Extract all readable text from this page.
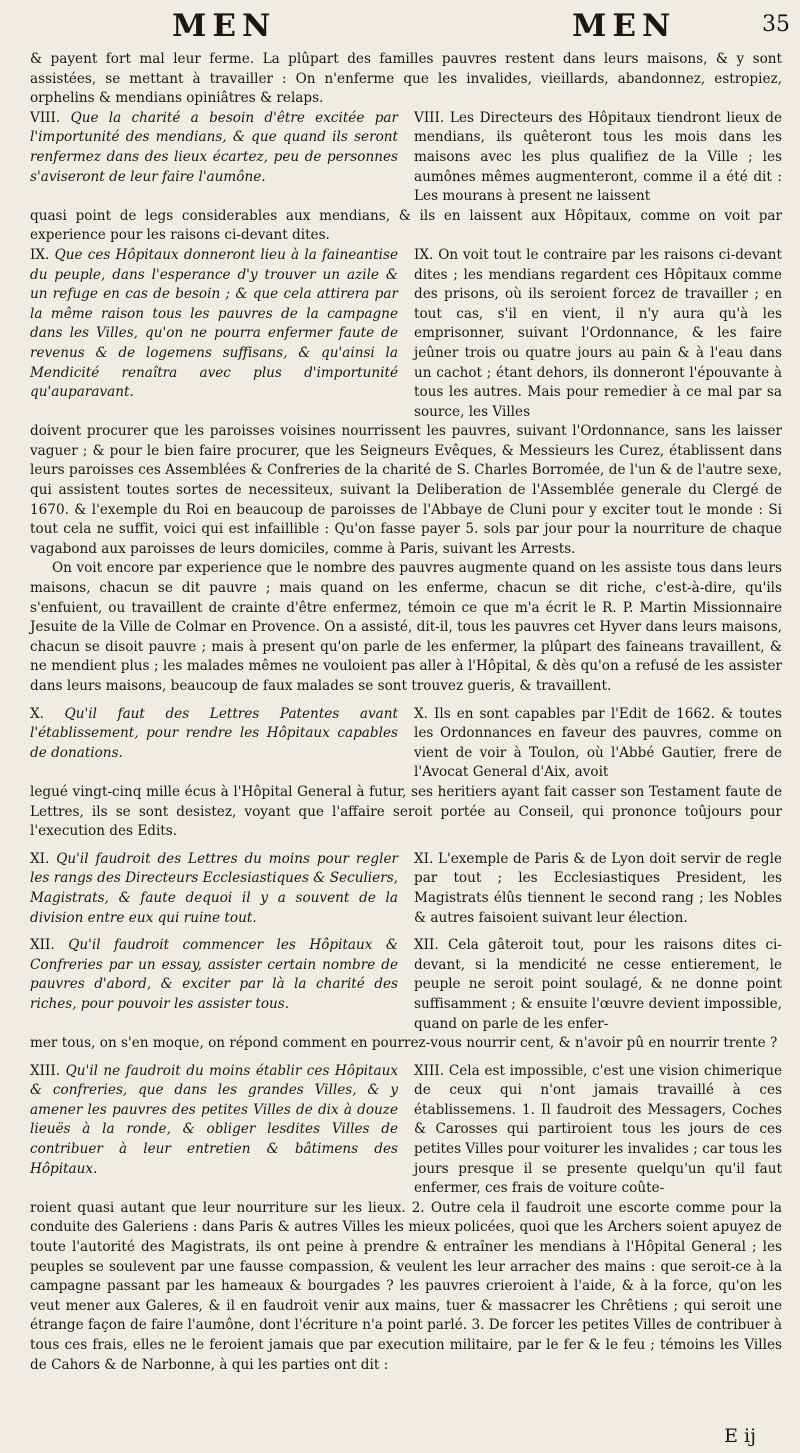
MEN	MEN	35

& payent fort mal leur ferme. La plûpart des familles pauvres restent dans leurs maisons, & y sont assistées, se mettant à travailler : On n'enferme que les invalides, vieillards, abandonnez, estropiez, orphelins & mendians opiniâtres & relaps.

VIII. Que la charité a besoin d'être excitée par l'importunité des mendians, & que quand ils seront renfermez dans des lieux écartez, peu de personnes s'aviseront de leur faire l'aumône.

VIII. Les Directeurs des Hôpitaux tiendront lieux de mendians, ils quêteront tous les mois dans les maisons avec les plus qualifiez de la Ville ; les aumônes mêmes augmenteront, comme il a été dit : Les mourans à present ne laissent

quasi point de legs considerables aux mendians, & ils en laissent aux Hôpitaux, comme on voit par experience pour les raisons ci-devant dites.

IX. Que ces Hôpitaux donneront lieu à la faineantise du peuple, dans l'esperance d'y trouver un azile & un refuge en cas de besoin ; & que cela attirera par la même raison tous les pauvres de la campagne dans les Villes, qu'on ne pourra enfermer faute de revenus & de logemens suffisans, & qu'ainsi la Mendicité renaîtra avec plus d'importunité qu'auparavant.

IX. On voit tout le contraire par les raisons ci-devant dites ; les mendians regardent ces Hôpitaux comme des prisons, où ils seroient forcez de travailler ; en tout cas, s'il en vient, il n'y aura qu'à les emprisonner, suivant l'Ordonnance, & les faire jeûner trois ou quatre jours au pain & à l'eau dans un cachot ; étant dehors, ils donneront l'épouvante à tous les autres. Mais pour remedier à ce mal par sa source, les Villes

doivent procurer que les paroisses voisines nourrissent les pauvres, suivant l'Ordonnance, sans les laisser vaguer ; & pour le bien faire procurer, que les Seigneurs Evêques, & Messieurs les Curez, établissent dans leurs paroisses ces Assemblées & Confreries de la charité de S. Charles Borromée, de l'un & de l'autre sexe, qui assistent toutes sortes de necessiteux, suivant la Deliberation de l'Assemblée generale du Clergé de 1670. & l'exemple du Roi en beaucoup de paroisses de l'Abbaye de Cluni pour y exciter tout le monde : Si tout cela ne suffit, voici qui est infaillible : Qu'on fasse payer 5. sols par jour pour la nourriture de chaque vagabond aux paroisses de leurs domiciles, comme à Paris, suivant les Arrests.

On voit encore par experience que le nombre des pauvres augmente quand on les assiste tous dans leurs maisons, chacun se dit pauvre ; mais quand on les enferme, chacun se dit riche, c'est-à-dire, qu'ils s'enfuient, ou travaillent de crainte d'être enfermez, témoin ce que m'a écrit le R. P. Martin Missionnaire Jesuite de la Ville de Colmar en Provence. On a assisté, dit-il, tous les pauvres cet Hyver dans leurs maisons, chacun se disoit pauvre ; mais à present qu'on parle de les enfermer, la plûpart des faineans travaillent, & ne mendient plus ; les malades mêmes ne vouloient pas aller à l'Hôpital, & dès qu'on a refusé de les assister dans leurs maisons, beaucoup de faux malades se sont trouvez gueris, & travaillent.

X. Qu'il faut des Lettres Patentes avant l'établissement, pour rendre les Hôpitaux capables de donations.

X. Ils en sont capables par l'Edit de 1662. & toutes les Ordonnances en faveur des pauvres, comme on vient de voir à Toulon, où l'Abbé Gautier, frere de l'Avocat General d'Aix, avoit

legué vingt-cinq mille écus à l'Hôpital General à futur, ses heritiers ayant fait casser son Testament faute de Lettres, ils se sont desistez, voyant que l'affaire seroit portée au Conseil, qui prononce toûjours pour l'execution des Edits.

XI. Qu'il faudroit des Lettres du moins pour regler les rangs des Directeurs Ecclesiastiques & Seculiers, Magistrats, & faute dequoi il y a souvent de la division entre eux qui ruine tout.

XI. L'exemple de Paris & de Lyon doit servir de regle par tout ; les Ecclesiastiques President, les Magistrats élûs tiennent le second rang ; les Nobles & autres faisoient suivant leur élection.

XII. Qu'il faudroit commencer les Hôpitaux & Confreries par un essay, assister certain nombre de pauvres d'abord, & exciter par là la charité des riches, pour pouvoir les assister tous.

XII. Cela gâteroit tout, pour les raisons dites ci-devant, si la mendicité ne cesse entierement, le peuple ne seroit point soulagé, & ne donne point suffisamment ; & ensuite l'œuvre devient impossible, quand on parle de les enfer-

mer tous, on s'en moque, on répond comment en pourrez-vous nourrir cent, & n'avoir pû en nourrir trente ?

XIII. Qu'il ne faudroit du moins établir ces Hôpitaux & confreries, que dans les grandes Villes, & y amener les pauvres des petites Villes de dix à douze lieuës à la ronde, & obliger lesdites Villes de contribuer à leur entretien & bâtimens des Hôpitaux.

XIII. Cela est impossible, c'est une vision chimerique de ceux qui n'ont jamais travaillé à ces établissemens. 1. Il faudroit des Messagers, Coches & Carosses qui partiroient tous les jours de ces petites Villes pour voiturer les invalides ; car tous les jours presque il se presente quelqu'un qu'il faut enfermer, ces frais de voiture coûte-

roient quasi autant que leur nourriture sur les lieux. 2. Outre cela il faudroit une escorte comme pour la conduite des Galeriens : dans Paris & autres Villes les mieux policées, quoi que les Archers soient apuyez de toute l'autorité des Magistrats, ils ont peine à prendre & entraîner les mendians à l'Hôpital General ; les peuples se soulevent par une fausse compassion, & veulent les leur arracher des mains : que seroit-ce à la campagne passant par les hameaux & bourgades ? les pauvres crieroient à l'aide, & à la force, qu'on les veut mener aux Galeres, & il en faudroit venir aux mains, tuer & massacrer les Chrêtiens ; qui seroit une étrange façon de faire l'aumône, dont l'écriture n'a point parlé. 3. De forcer les petites Villes de contribuer à tous ces frais, elles ne le feroient jamais que par execution militaire, par le fer & le feu ; témoins les Villes de Cahors & de Narbonne, à qui les parties ont dit :

E ij
